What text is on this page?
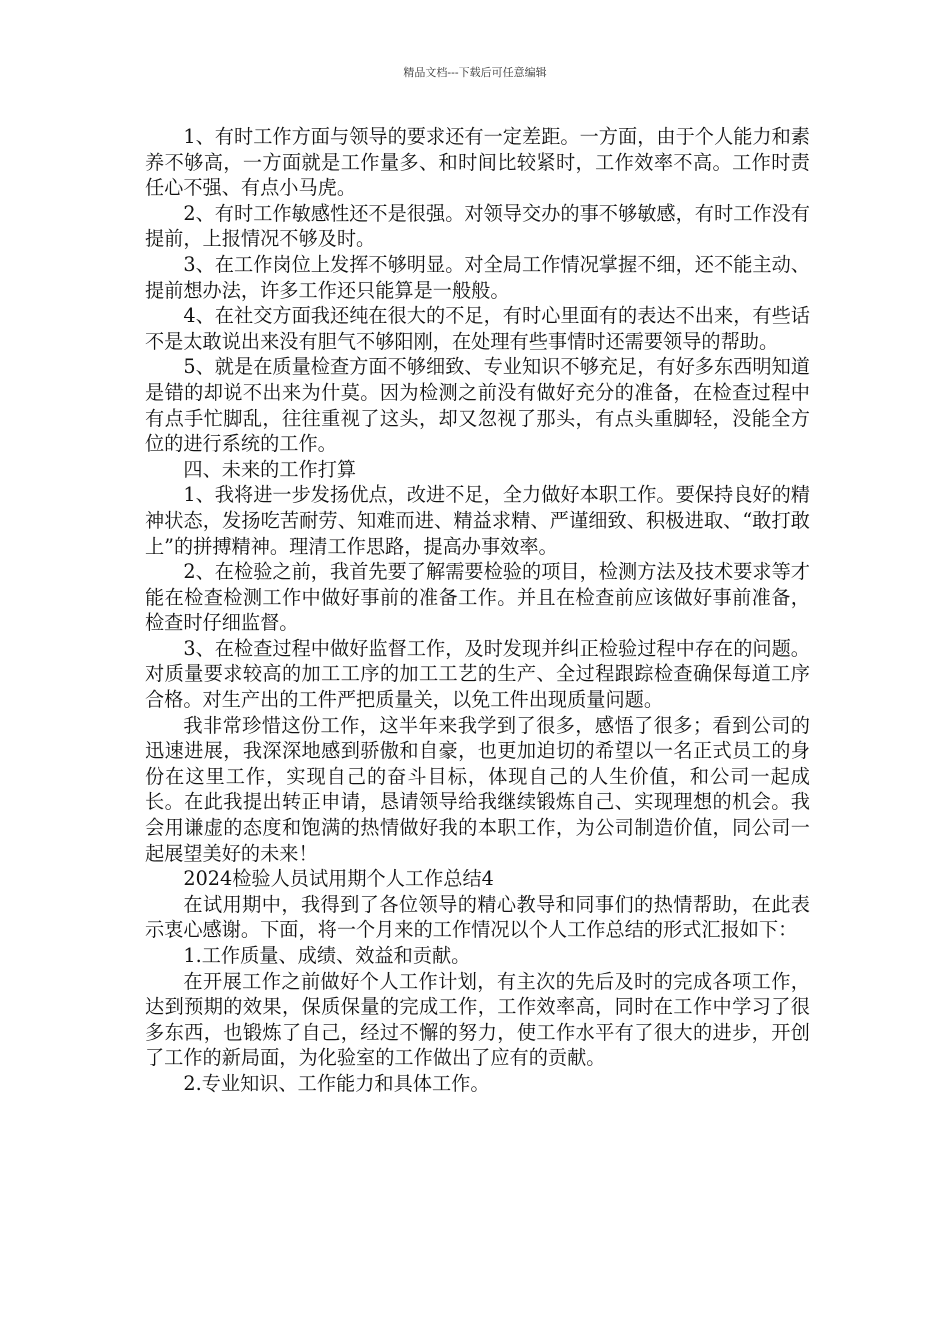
精品文档---下载后可任意编辑

1、有时工作方面与领导的要求还有一定差距。一方面，由于个人能力和素养不够高，一方面就是工作量多、和时间比较紧时，工作效率不高。工作时责任心不强、有点小马虎。

2、有时工作敏感性还不是很强。对领导交办的事不够敏感，有时工作没有提前，上报情况不够及时。

3、在工作岗位上发挥不够明显。对全局工作情况掌握不细，还不能主动、提前想办法，许多工作还只能算是一般般。

4、在社交方面我还纯在很大的不足，有时心里面有的表达不出来，有些话不是太敢说出来没有胆气不够阳刚，在处理有些事情时还需要领导的帮助。

5、就是在质量检查方面不够细致、专业知识不够充足，有好多东西明知道是错的却说不出来为什莫。因为检测之前没有做好充分的准备，在检查过程中有点手忙脚乱，往往重视了这头，却又忽视了那头，有点头重脚轻，没能全方位的进行系统的工作。

四、未来的工作打算

1、我将进一步发扬优点，改进不足，全力做好本职工作。要保持良好的精神状态，发扬吃苦耐劳、知难而进、精益求精、严谨细致、积极进取、“敢打敢上”的拼搏精神。理清工作思路，提高办事效率。

2、在检验之前，我首先要了解需要检验的项目，检测方法及技术要求等才能在检查检测工作中做好事前的准备工作。并且在检查前应该做好事前准备，检查时仔细监督。

3、在检查过程中做好监督工作，及时发现并纠正检验过程中存在的问题。对质量要求较高的加工工序的加工工艺的生产、全过程跟踪检查确保每道工序合格。对生产出的工件严把质量关，以免工件出现质量问题。

我非常珍惜这份工作，这半年来我学到了很多，感悟了很多；看到公司的迅速进展，我深深地感到骄傲和自豪，也更加迫切的希望以一名正式员工的身份在这里工作，实现自己的奋斗目标，体现自己的人生价值，和公司一起成长。在此我提出转正申请，恳请领导给我继续锻炼自己、实现理想的机会。我会用谦虚的态度和饱满的热情做好我的本职工作，为公司制造价值，同公司一起展望美好的未来！

2024检验人员试用期个人工作总结4

在试用期中，我得到了各位领导的精心教导和同事们的热情帮助，在此表示衷心感谢。下面，将一个月来的工作情况以个人工作总结的形式汇报如下：

1.工作质量、成绩、效益和贡献。

在开展工作之前做好个人工作计划，有主次的先后及时的完成各项工作，达到预期的效果，保质保量的完成工作，工作效率高，同时在工作中学习了很多东西，也锻炼了自己，经过不懈的努力，使工作水平有了很大的进步，开创了工作的新局面，为化验室的工作做出了应有的贡献。

2.专业知识、工作能力和具体工作。
